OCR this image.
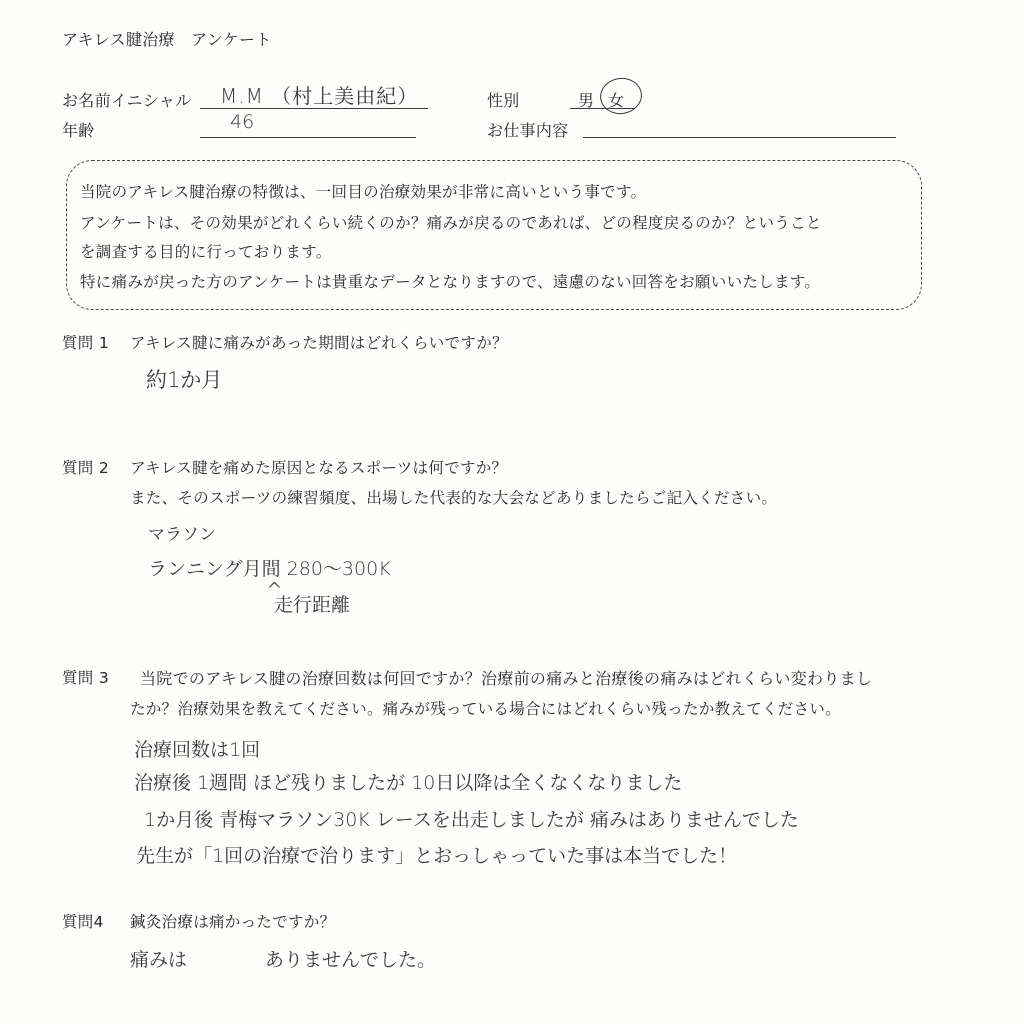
アキレス腱治療　アンケート
お名前イニシャル M.M （村上美由紀）
年齢	46
性別	男 女
お仕事内容
当院のアキレス腱治療の特徴は、一回目の治療効果が非常に高いという事です。
アンケートは、その効果がどれくらい続くのか？痛みが戻るのであれば、どの程度戻るのか？ということ
を調査する目的に行っております。
特に痛みが戻った方のアンケートは貴重なデータとなりますので、遠慮のない回答をお願いいたします。
質問 1 アキレス腱に痛みがあった期間はどれくらいですか？
約1か月
質問 2 アキレス腱を痛めた原因となるスポーツは何ですか？
また、そのスポーツの練習頻度、出場した代表的な大会などありましたらご記入ください。
マラソン
ランニング月間 280～300K
^
走行距離
質問 3 当院でのアキレス腱の治療回数は何回ですか？治療前の痛みと治療後の痛みはどれくらい変わりまし
たか？治療効果を教えてください。痛みが残っている場合にはどれくらい残ったか教えてください。
治療回数は1回
治療後 1週間 ほど残りましたが 10日以降は全くなくなりました
1か月後 青梅マラソン30K レースを出走しましたが 痛みはありませんでした
先生が「1回の治療で治ります」とおっしゃっていた事は本当でした！
質問4 鍼灸治療は痛かったですか？
痛みは	ありませんでした。
